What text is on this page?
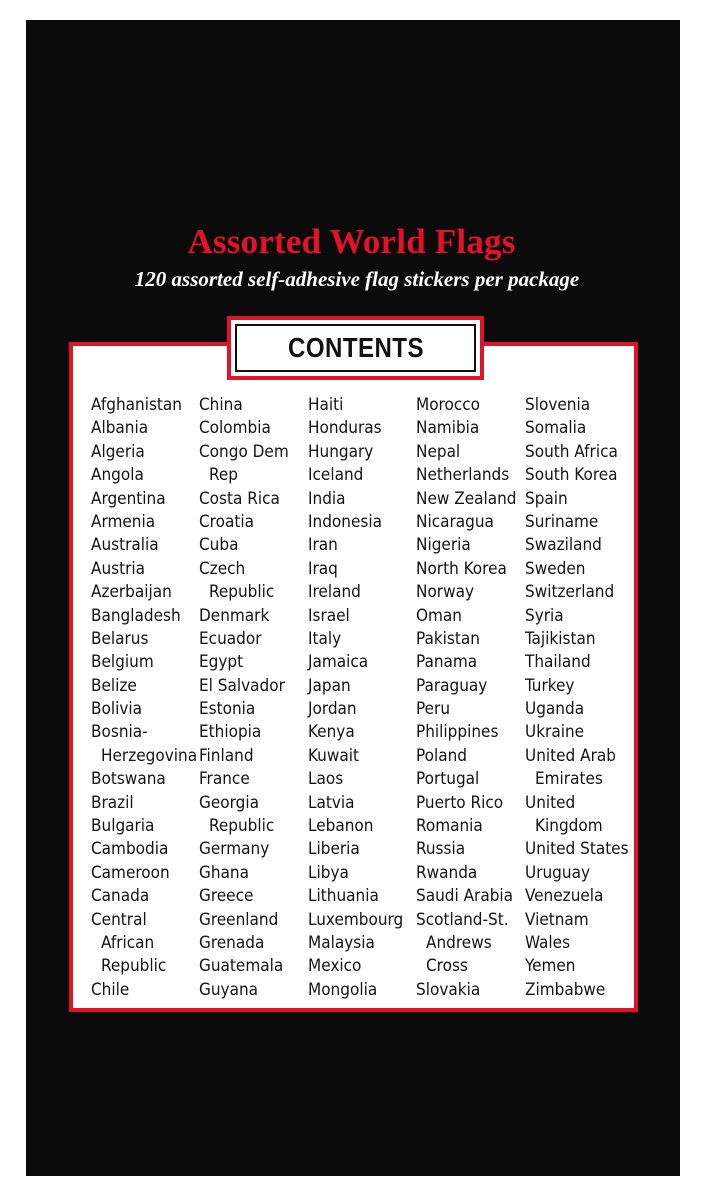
Assorted World Flags
120 assorted self-adhesive flag stickers per package
CONTENTS
Afghanistan
Albania
Algeria
Angola
Argentina
Armenia
Australia
Austria
Azerbaijan
Bangladesh
Belarus
Belgium
Belize
Bolivia
Bosnia-
Herzegovina
Botswana
Brazil
Bulgaria
Cambodia
Cameroon
Canada
Central
African
Republic
Chile
China
Colombia
Congo Dem
Rep
Costa Rica
Croatia
Cuba
Czech
Republic
Denmark
Ecuador
Egypt
El Salvador
Estonia
Ethiopia
Finland
France
Georgia
Republic
Germany
Ghana
Greece
Greenland
Grenada
Guatemala
Guyana
Haiti
Honduras
Hungary
Iceland
India
Indonesia
Iran
Iraq
Ireland
Israel
Italy
Jamaica
Japan
Jordan
Kenya
Kuwait
Laos
Latvia
Lebanon
Liberia
Libya
Lithuania
Luxembourg
Malaysia
Mexico
Mongolia
Morocco
Namibia
Nepal
Netherlands
New Zealand
Nicaragua
Nigeria
North Korea
Norway
Oman
Pakistan
Panama
Paraguay
Peru
Philippines
Poland
Portugal
Puerto Rico
Romania
Russia
Rwanda
Saudi Arabia
Scotland-St.
Andrews
Cross
Slovakia
Slovenia
Somalia
South Africa
South Korea
Spain
Suriname
Swaziland
Sweden
Switzerland
Syria
Tajikistan
Thailand
Turkey
Uganda
Ukraine
United Arab
Emirates
United
Kingdom
United States
Uruguay
Venezuela
Vietnam
Wales
Yemen
Zimbabwe
